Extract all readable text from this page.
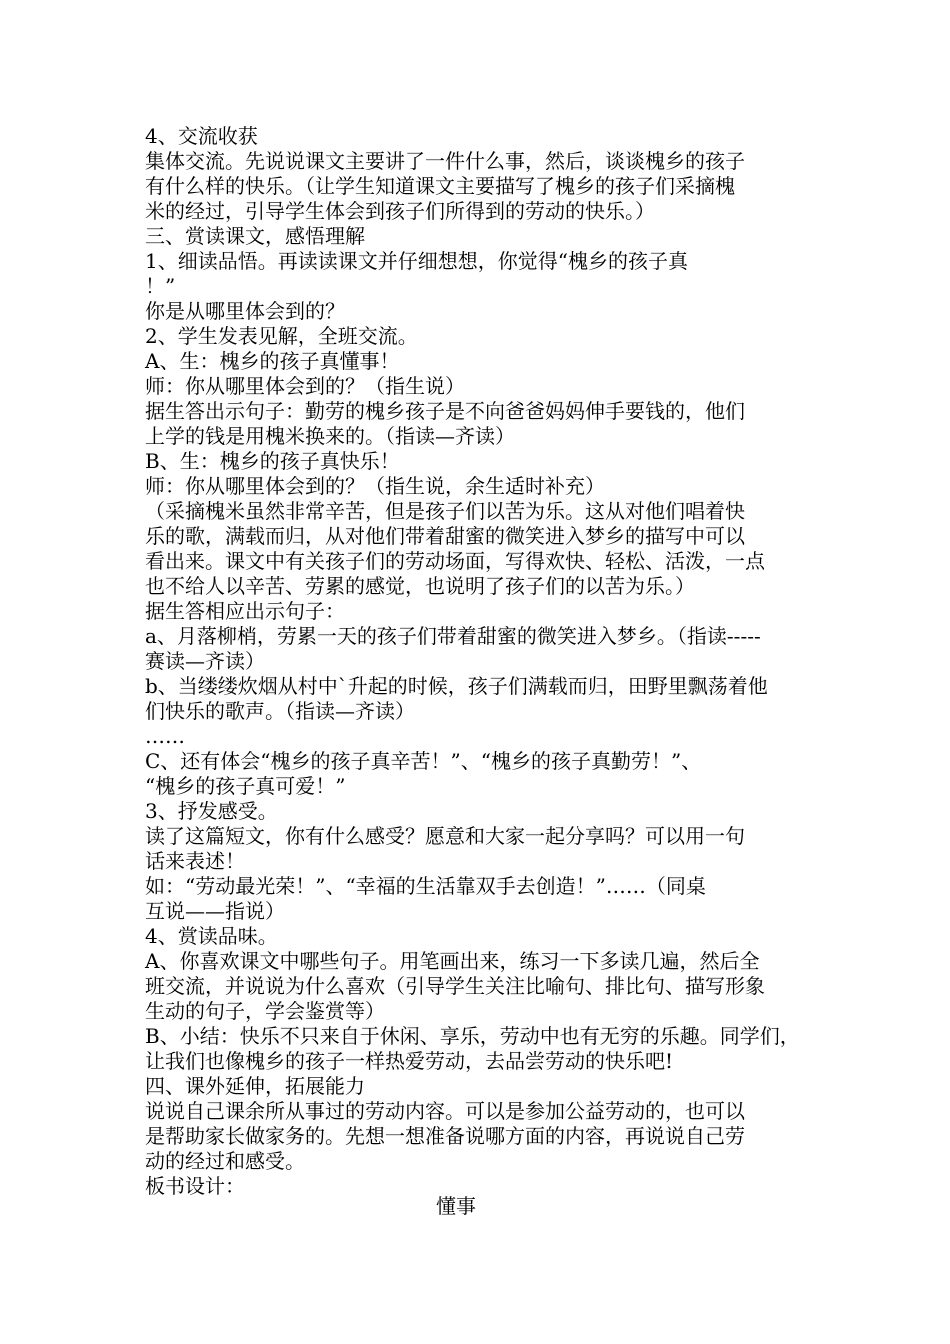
4、交流收获
集体交流。先说说课文主要讲了一件什么事，然后，谈谈槐乡的孩子
有什么样的快乐。（让学生知道课文主要描写了槐乡的孩子们采摘槐
米的经过，引导学生体会到孩子们所得到的劳动的快乐。）
三、赏读课文，感悟理解
1、细读品悟。再读读课文并仔细想想，你觉得“槐乡的孩子真
！”
你是从哪里体会到的？
2、学生发表见解，全班交流。
A、生：槐乡的孩子真懂事！
师：你从哪里体会到的？（指生说）
据生答出示句子：勤劳的槐乡孩子是不向爸爸妈妈伸手要钱的，他们
上学的钱是用槐米换来的。（指读—齐读）
B、生：槐乡的孩子真快乐！
师：你从哪里体会到的？（指生说，余生适时补充）
（采摘槐米虽然非常辛苦，但是孩子们以苦为乐。这从对他们唱着快
乐的歌，满载而归，从对他们带着甜蜜的微笑进入梦乡的描写中可以
看出来。课文中有关孩子们的劳动场面，写得欢快、轻松、活泼，一点
也不给人以辛苦、劳累的感觉，也说明了孩子们的以苦为乐。）
据生答相应出示句子：
a、月落柳梢，劳累一天的孩子们带着甜蜜的微笑进入梦乡。（指读-----
赛读—齐读）
b、当缕缕炊烟从村中`升起的时候，孩子们满载而归，田野里飘荡着他
们快乐的歌声。（指读—齐读）
……
C、还有体会“槐乡的孩子真辛苦！”、“槐乡的孩子真勤劳！”、
“槐乡的孩子真可爱！”
3、抒发感受。
读了这篇短文，你有什么感受？愿意和大家一起分享吗？可以用一句
话来表述！
如：“劳动最光荣！”、“幸福的生活靠双手去创造！”……（同桌
互说——指说）
4、赏读品味。
A、你喜欢课文中哪些句子。用笔画出来，练习一下多读几遍，然后全
班交流，并说说为什么喜欢（引导学生关注比喻句、排比句、描写形象
生动的句子，学会鉴赏等）
B、小结：快乐不只来自于休闲、享乐，劳动中也有无穷的乐趣。同学们，
让我们也像槐乡的孩子一样热爱劳动，去品尝劳动的快乐吧!
四、课外延伸，拓展能力
说说自己课余所从事过的劳动内容。可以是参加公益劳动的，也可以
是帮助家长做家务的。先想一想准备说哪方面的内容，再说说自己劳
动的经过和感受。
板书设计：
懂事
